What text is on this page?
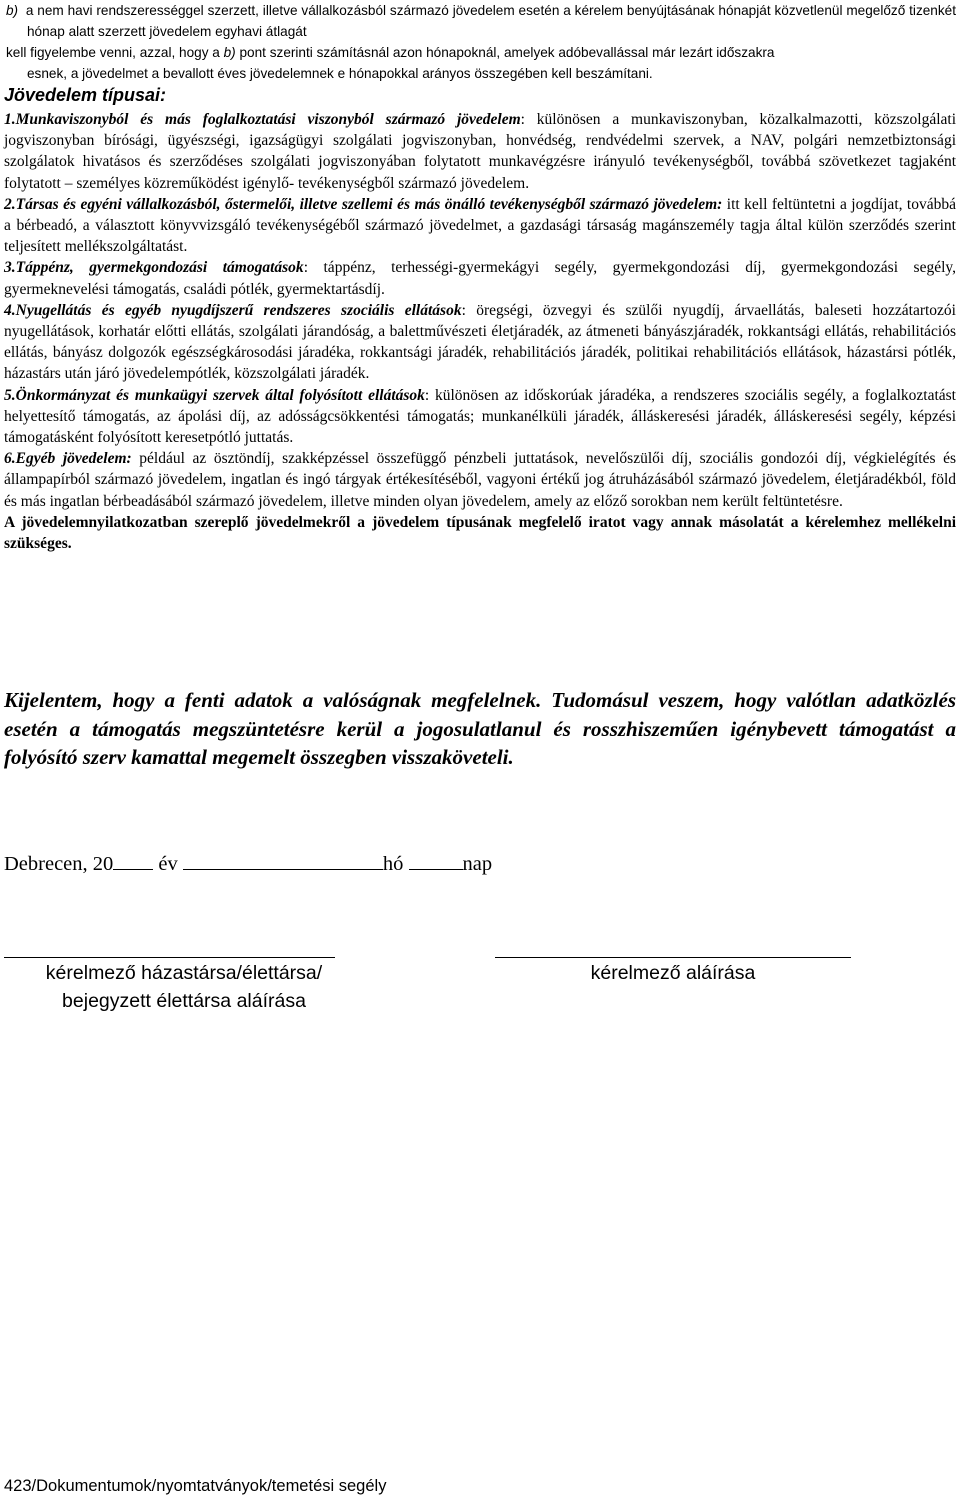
b) a nem havi rendszerességgel szerzett, illetve vállalkozásból származó jövedelem esetén a kérelem benyújtásának hónapját közvetlenül megelőző tizenkét hónap alatt szerzett jövedelem egyhavi átlagát

kell figyelembe venni, azzal, hogy a b) pont szerinti számításnál azon hónapoknál, amelyek adóbevallással már lezárt időszakra

esnek, a jövedelmet a bevallott éves jövedelemnek e hónapokkal arányos összegében kell beszámítani.

Jövedelem típusai:

1.Munkaviszonyból és más foglalkoztatási viszonyból származó jövedelem: különösen a munkaviszonyban, közalkalmazotti, közszolgálati jogviszonyban bírósági, ügyészségi, igazságügyi szolgálati jogviszonyban, honvédség, rendvédelmi szervek, a NAV, polgári nemzetbiztonsági szolgálatok hivatásos és szerződéses szolgálati jogviszonyában folytatott munkavégzésre irányuló tevékenységből, továbbá szövetkezet tagjaként folytatott – személyes közreműködést igénylő- tevékenységből származó jövedelem.

2.Társas és egyéni vállalkozásból, őstermelői, illetve szellemi és más önálló tevékenységből származó jövedelem: itt kell feltüntetni a jogdíjat, továbbá a bérbeadó, a választott könyvvizsgáló tevékenységéből származó jövedelmet, a gazdasági társaság magánszemély tagja által külön szerződés szerint teljesített mellékszolgáltatást.

3.Táppénz, gyermekgondozási támogatások: táppénz, terhességi-gyermekágyi segély, gyermekgondozási díj, gyermekgondozási segély, gyermeknevelési támogatás, családi pótlék, gyermektartásdíj.

4.Nyugellátás és egyéb nyugdíjszerű rendszeres szociális ellátások: öregségi, özvegyi és szülői nyugdíj, árvaellátás, baleseti hozzátartozói nyugellátások, korhatár előtti ellátás, szolgálati járandóság, a balettművészeti életjáradék, az átmeneti bányászjáradék, rokkantsági ellátás, rehabilitációs ellátás, bányász dolgozók egészségkárosodási járadéka, rokkantsági járadék, rehabilitációs járadék, politikai rehabilitációs ellátások, házastársi pótlék, házastárs után járó jövedelempótlék, közszolgálati járadék.

5.Önkormányzat és munkaügyi szervek által folyósított ellátások: különösen az időskorúak járadéka, a rendszeres szociális segély, a foglalkoztatást helyettesítő támogatás, az ápolási díj, az adósságcsökkentési támogatás; munkanélküli járadék, álláskeresési járadék, álláskeresési segély, képzési támogatásként folyósított keresetpótló juttatás.

6.Egyéb jövedelem: például az ösztöndíj, szakképzéssel összefüggő pénzbeli juttatások, nevelőszülői díj, szociális gondozói díj, végkielégítés és állampapírból származó jövedelem, ingatlan és ingó tárgyak értékesítéséből, vagyoni értékű jog átruházásából származó jövedelem, életjáradékból, föld és más ingatlan bérbeadásából származó jövedelem, illetve minden olyan jövedelem, amely az előző sorokban nem került feltüntetésre.

A jövedelemnyilatkozatban szereplő jövedelmekről a jövedelem típusának megfelelő iratot vagy annak másolatát a kérelemhez mellékelni szükséges.

Kijelentem, hogy a fenti adatok a valóságnak megfelelnek. Tudomásul veszem, hogy valótlan adatközlés esetén a támogatás megszüntetésre kerül a jogosulatlanul és rosszhiszeműen igénybevett támogatást a folyósító szerv kamattal megemelt összegben visszaköveteli.
Debrecen, 20 év	hó	nap
kérelmező házastársa/élettársa/
bejegyzett élettársa aláírása
kérelmező aláírása
423/Dokumentumok/nyomtatványok/temetési segély
